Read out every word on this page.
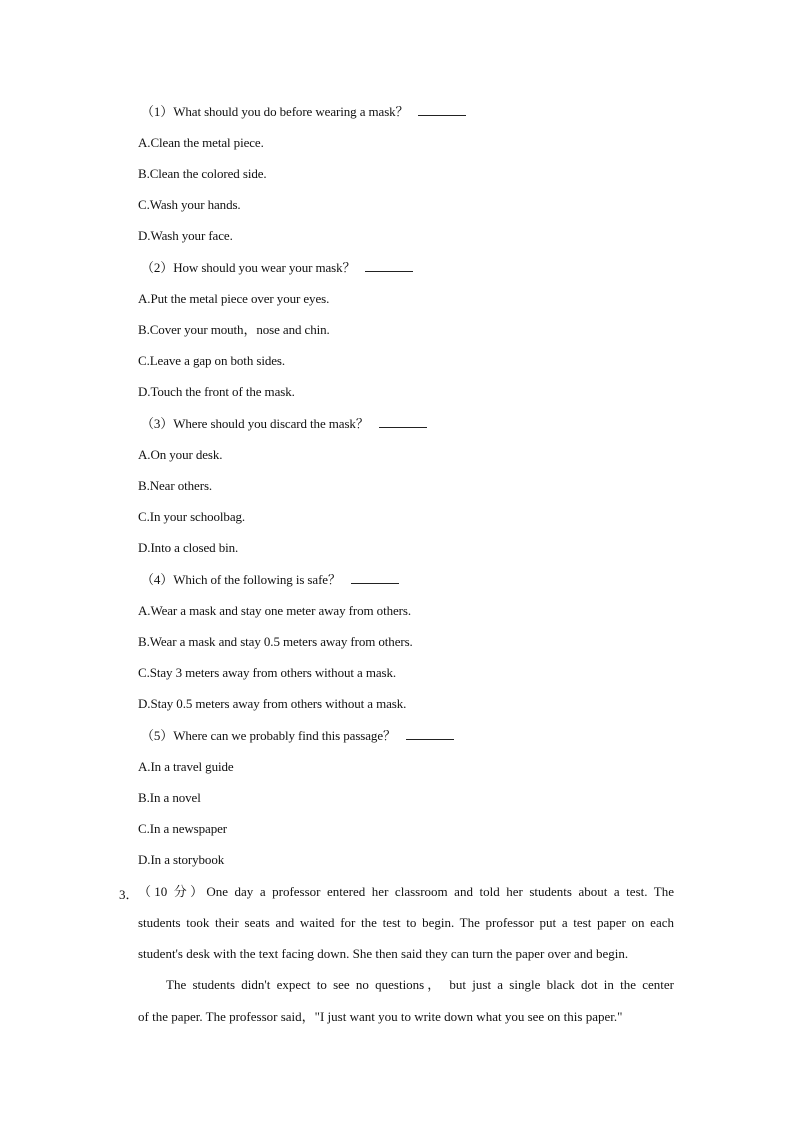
（1）What should you do before wearing a mask？
A.Clean the metal piece.
B.Clean the colored side.
C.Wash your hands.
D.Wash your face.
（2）How should you wear your mask？
A.Put the metal piece over your eyes.
B.Cover your mouth，nose and chin.
C.Leave a gap on both sides.
D.Touch the front of the mask.
（3）Where should you discard the mask？
A.On your desk.
B.Near others.
C.In your schoolbag.
D.Into a closed bin.
（4）Which of the following is safe？
A.Wear a mask and stay one meter away from others.
B.Wear a mask and stay 0.5 meters away from others.
C.Stay 3 meters away from others without a mask.
D.Stay 0.5 meters away from others without a mask.
（5）Where can we probably find this passage？
A.In a travel guide
B.In a novel
C.In a newspaper
D.In a storybook
3． （10 分）One day a professor entered her classroom and told her students about a test. The
students took their seats and waited for the test to begin. The professor put a test paper on each
student's desk with the text facing down. She then said they can turn the paper over and begin.
The students didn't expect to see no questions， but just a single black dot in the center
of the paper. The professor said，"I just want you to write down what you see on this paper."
